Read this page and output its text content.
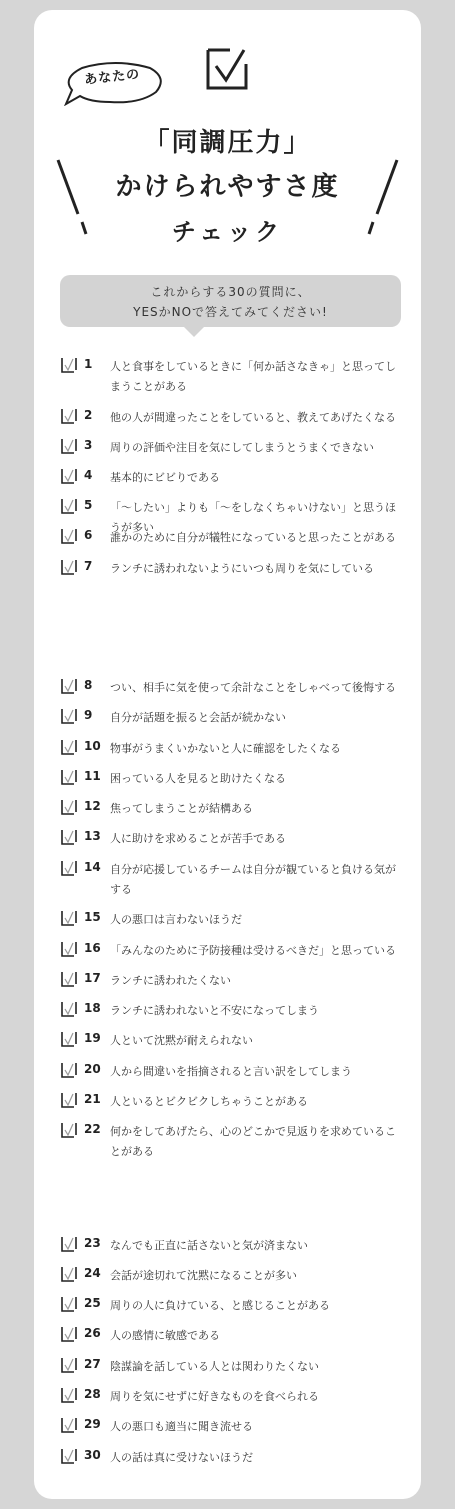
あなたの
「同調圧力」
かけられやすさ度
チェック
これからする30の質問に、
YESかNOで答えてみてください!
1	人と食事をしているときに「何か話さなきゃ」と思ってしまうことがある
2	他の人が間違ったことをしていると、教えてあげたくなる
3	周りの評価や注目を気にしてしまうとうまくできない
4	基本的にビビりである
5	「～したい」よりも「～をしなくちゃいけない」と思うほうが多い
6	誰かのために自分が犠牲になっていると思ったことがある
7	ランチに誘われないようにいつも周りを気にしている
8	つい、相手に気を使って余計なことをしゃべって後悔する
9	自分が話題を振ると会話が続かない
10 物事がうまくいかないと人に確認をしたくなる
11 困っている人を見ると助けたくなる
12 焦ってしまうことが結構ある
13 人に助けを求めることが苦手である
14 自分が応援しているチームは自分が観ていると負ける気がする
15 人の悪口は言わないほうだ
16 「みんなのために予防接種は受けるべきだ」と思っている
17 ランチに誘われたくない
18 ランチに誘われないと不安になってしまう
19 人といて沈黙が耐えられない
20 人から間違いを指摘されると言い訳をしてしまう
21 人といるとビクビクしちゃうことがある
22 何かをしてあげたら、心のどこかで見返りを求めていることがある
23 なんでも正直に話さないと気が済まない
24 会話が途切れて沈黙になることが多い
25 周りの人に負けている、と感じることがある
26 人の感情に敏感である
27 陰謀論を話している人とは関わりたくない
28 周りを気にせずに好きなものを食べられる
29 人の悪口も適当に聞き流せる
30 人の話は真に受けないほうだ
